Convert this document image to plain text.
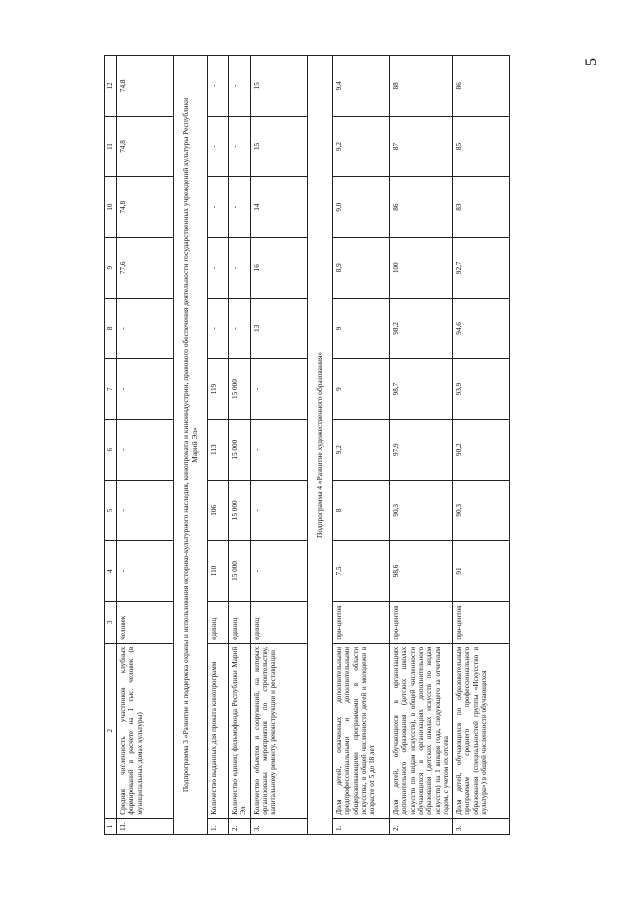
5
1	2	3	4	5	6	7	8	9	10	11	12
11.	Средняя численность участников клубных формирований в расчете на 1 тыс. человек (в муниципальных домах культуры)	человек	-	-	-	-	-	77,6	74,8	74,8	74,8
Подпрограмма 3 «Развитие и поддержка охраны и использования историко-культурного наследия, кинопроката и киноиндустрии, правового обеспечения деятельности государственных учреждений культуры Республики Марий Эл»											
1.	Количество выданных для проката кинопрограмм	единиц	110	106	113	119	-	-	-	-	-
2.	Количество единиц фильмофонда Республики Марий Эл	единиц	15 000	15 000	15 000	15 000	-	-	-	-	-
3.	Количество объектов и сооружений, на которых организованы мероприятия по строительству, капитальному ремонту, реконструкции и реставрации	единиц	-	-	-	-	13	16	14	15	15
Подпрограмма 4 «Развитие художественного образования»											
1.	Доля детей, охваченных дополнительными предпрофессиональными и дополнительными общеразвивающими программами в области искусства, в общей численности детей и молодежи в возрасте от 5 до 18 лет	про-центов	7,5	8	9,2	9	9	8,9	9,0	9,2	9,4
2.	Доля детей, обучающихся в организациях дополнительного образования (детских школах искусств по видам искусств), в общей численности обучающихся в организациях дополнительного образования (детских школах искусств по видам искусств) на 1 января года, следующего за отчетным годом, с учетом их отсева	про-центов	98,6	90,3	97,9	98,7	98,2	100	86	87	88
3.	Доля детей, обучающихся по образовательным программам среднего профессионального образования (специальностей группы «Искусство и культура») в общей численности обучающихся	про-центов	91	90,3	90,2	93,9	94,6	92,7	83	85	86
